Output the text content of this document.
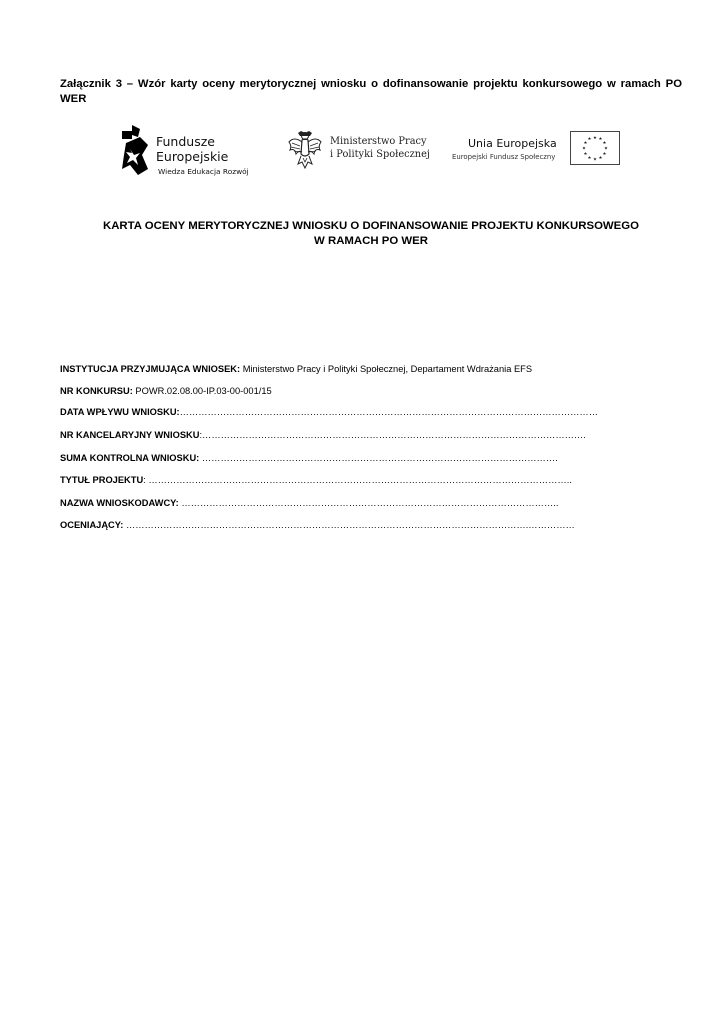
Załącznik 3 – Wzór karty oceny merytorycznej wniosku o dofinansowanie projektu konkursowego w ramach PO WER
Fundusze
Europejskie
Wiedza Edukacja Rozwój
Ministerstwo Pracy
i Polityki Społecznej
Unia Europejska
Europejski Fundusz Społeczny
★ ★
★
★
★
★
★
★
★
★
★
★
KARTA OCENY MERYTORYCZNEJ WNIOSKU O DOFINANSOWANIE PROJEKTU KONKURSOWEGO
W RAMACH PO WER
INSTYTUCJA PRZYJMUJĄCA WNIOSEK: Ministerstwo Pracy i Polityki Społecznej, Departament Wdrażania EFS
NR KONKURSU: POWR.02.08.00-IP.03-00-001/15
DATA WPŁYWU WNIOSKU:………………………………………………………………………………………………………………………
NR KANCELARYJNY WNIOSKU:…………………………………………………………………………………………………………….
SUMA KONTROLNA WNIOSKU: …………………………………………………………………………………………………….
TYTUŁ PROJEKTU: ………………………………………………………………………………………………………………………..
NAZWA WNIOSKODAWCY: …………………………………………………………………………………………………………..
OCENIAJĄCY: ………………………………………………………………………………………………………………….……………
